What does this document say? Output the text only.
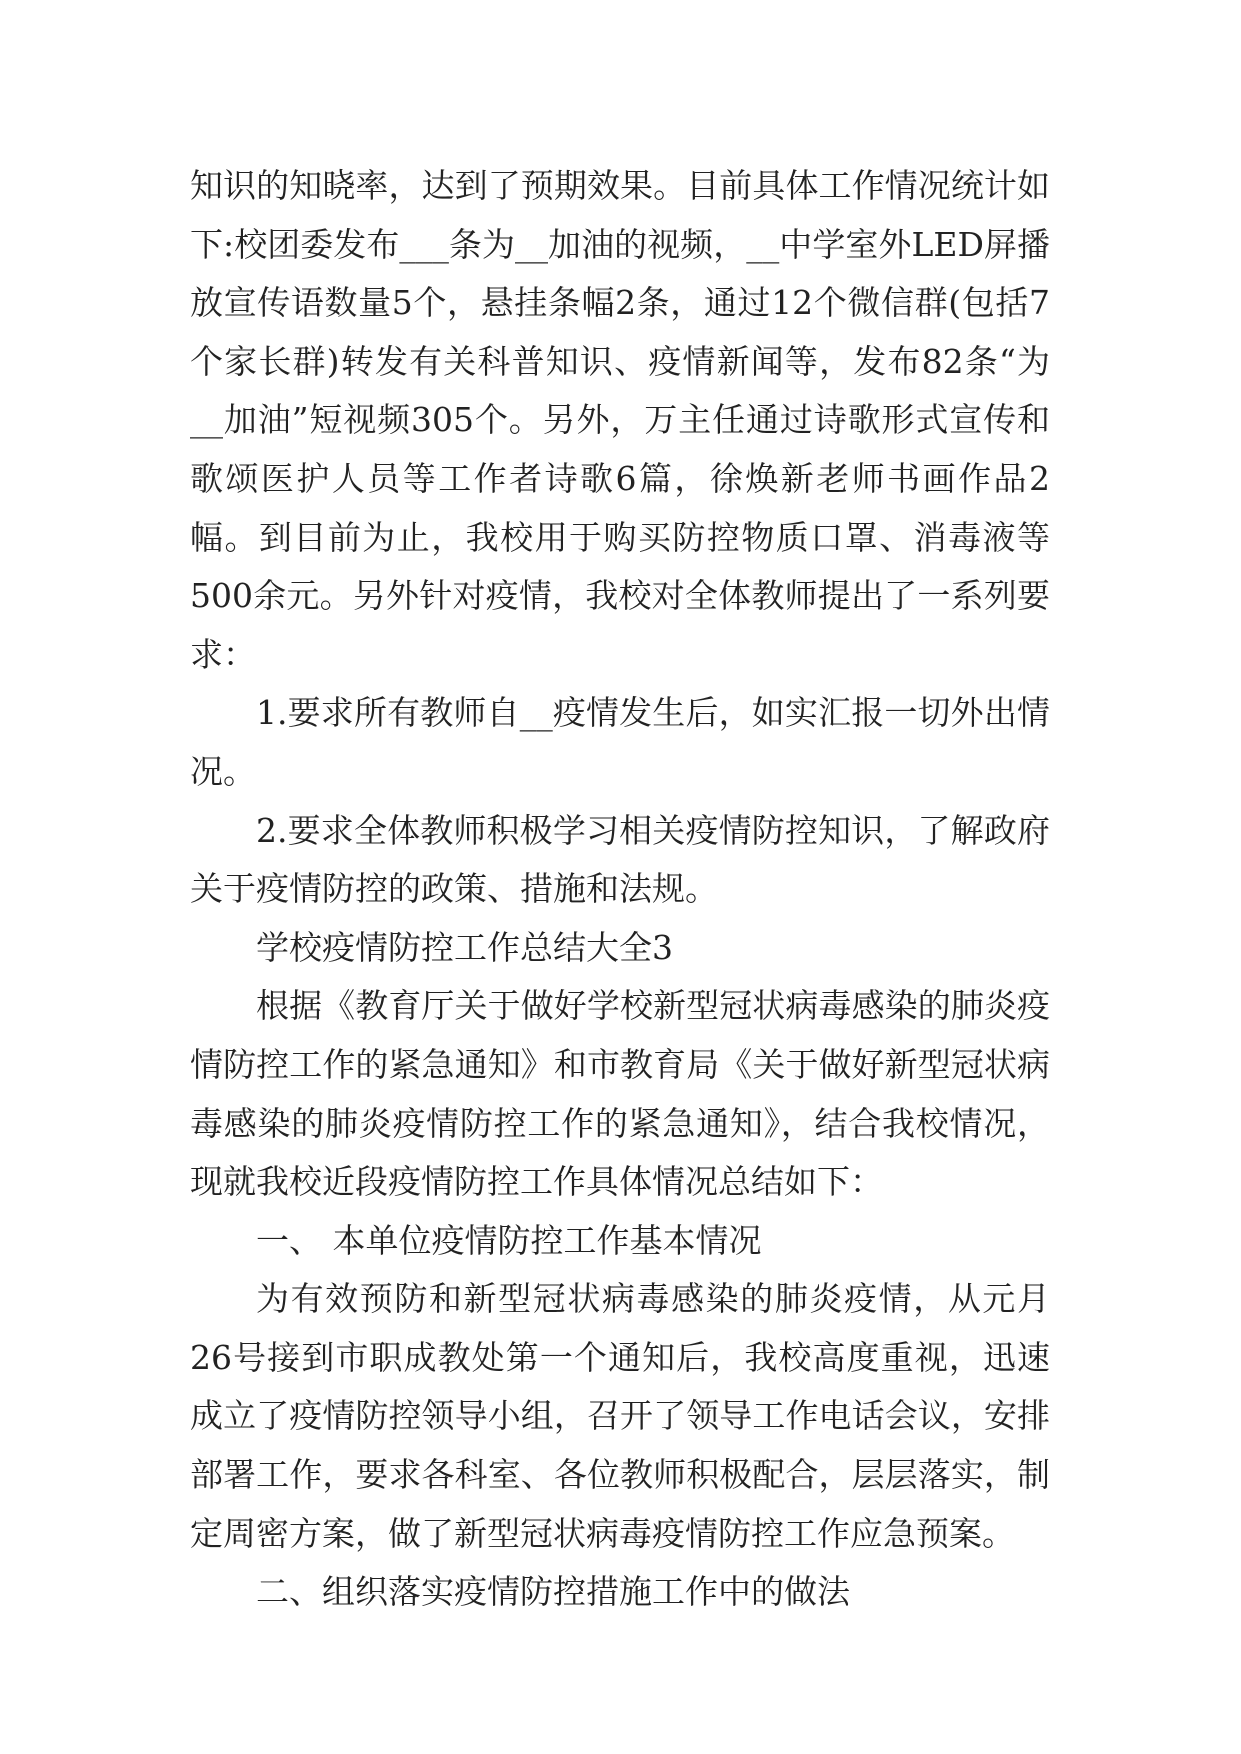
知识的知晓率，达到了预期效果。目前具体工作情况统计如下:校团委发布___条为__加油的视频，__中学室外LED屏播放宣传语数量5个，悬挂条幅2条，通过12个微信群(包括7个家长群)转发有关科普知识、疫情新闻等，发布82条“为__加油”短视频305个。另外，万主任通过诗歌形式宣传和歌颂医护人员等工作者诗歌6篇，徐焕新老师书画作品2幅。到目前为止，我校用于购买防控物质口罩、消毒液等500余元。另外针对疫情，我校对全体教师提出了一系列要求：

1.要求所有教师自__疫情发生后，如实汇报一切外出情况。

2.要求全体教师积极学习相关疫情防控知识，了解政府关于疫情防控的政策、措施和法规。

学校疫情防控工作总结大全3

根据《教育厅关于做好学校新型冠状病毒感染的肺炎疫情防控工作的紧急通知》和市教育局《关于做好新型冠状病毒感染的肺炎疫情防控工作的紧急通知》，结合我校情况，现就我校近段疫情防控工作具体情况总结如下：

一、 本单位疫情防控工作基本情况

为有效预防和新型冠状病毒感染的肺炎疫情，从元月26号接到市职成教处第一个通知后，我校高度重视，迅速成立了疫情防控领导小组，召开了领导工作电话会议，安排部署工作，要求各科室、各位教师积极配合，层层落实，制定周密方案，做了新型冠状病毒疫情防控工作应急预案。

二、组织落实疫情防控措施工作中的做法
